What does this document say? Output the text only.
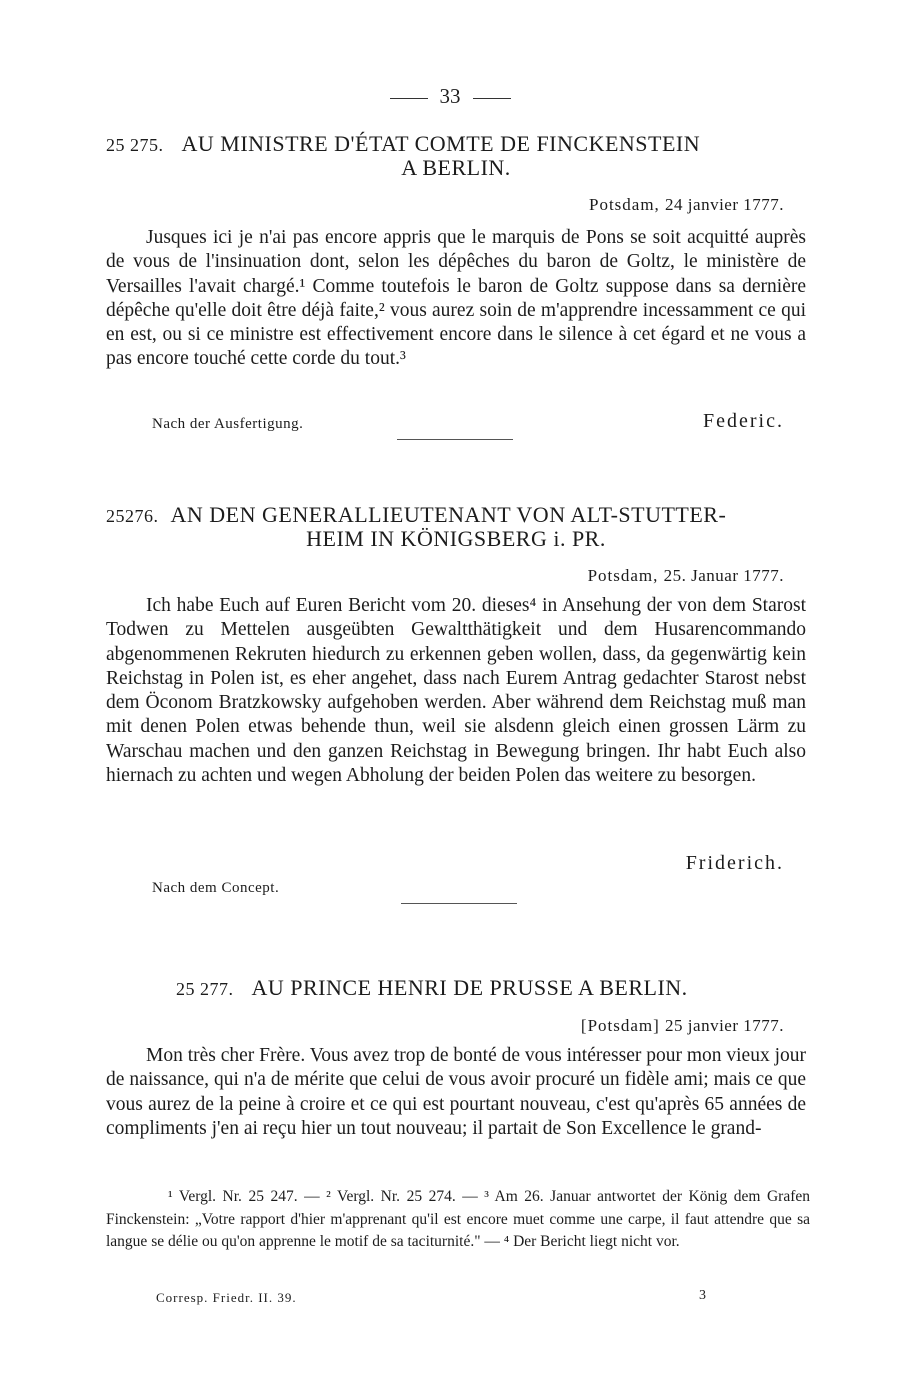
33
25 275. AU MINISTRE D'ÉTAT COMTE DE FINCKENSTEIN
A BERLIN.
Potsdam, 24 janvier 1777.

Jusques ici je n'ai pas encore appris que le marquis de Pons se soit acquitté auprès de vous de l'insinuation dont, selon les dépêches du baron de Goltz, le ministère de Versailles l'avait chargé.¹ Comme toutefois le baron de Goltz suppose dans sa dernière dépêche qu'elle doit être déjà faite,² vous aurez soin de m'apprendre incessamment ce qui en est, ou si ce ministre est effectivement encore dans le silence à cet égard et ne vous a pas encore touché cette corde du tout.³

Nach der Ausfertigung.	Federic.
25276. AN DEN GENERALLIEUTENANT VON ALT-STUTTER-
HEIM IN KÖNIGSBERG i. PR.
Potsdam, 25. Januar 1777.

Ich habe Euch auf Euren Bericht vom 20. dieses⁴ in Ansehung der von dem Starost Todwen zu Mettelen ausgeübten Gewaltthätigkeit und dem Husarencommando abgenommenen Rekruten hiedurch zu erkennen geben wollen, dass, da gegenwärtig kein Reichstag in Polen ist, es eher angehet, dass nach Eurem Antrag gedachter Starost nebst dem Öconom Bratzkowsky aufgehoben werden. Aber während dem Reichstag muß man mit denen Polen etwas behende thun, weil sie alsdenn gleich einen grossen Lärm zu Warschau machen und den ganzen Reichstag in Bewegung bringen. Ihr habt Euch also hiernach zu achten und wegen Abholung der beiden Polen das weitere zu besorgen.

Friderich.
Nach dem Concept.
25 277. AU PRINCE HENRI DE PRUSSE A BERLIN.
[Potsdam] 25 janvier 1777.

Mon très cher Frère. Vous avez trop de bonté de vous intéresser pour mon vieux jour de naissance, qui n'a de mérite que celui de vous avoir procuré un fidèle ami; mais ce que vous aurez de la peine à croire et ce qui est pourtant nouveau, c'est qu'après 65 années de compliments j'en ai reçu hier un tout nouveau; il partait de Son Excellence le grand-

¹ Vergl. Nr. 25 247. — ² Vergl. Nr. 25 274. — ³ Am 26. Januar antwortet der König dem Grafen Finckenstein: „Votre rapport d'hier m'apprenant qu'il est encore muet comme une carpe, il faut attendre que sa langue se délie ou qu'on apprenne le motif de sa taciturnité." — ⁴ Der Bericht liegt nicht vor.

Corresp. Friedr. II. 39.	3
